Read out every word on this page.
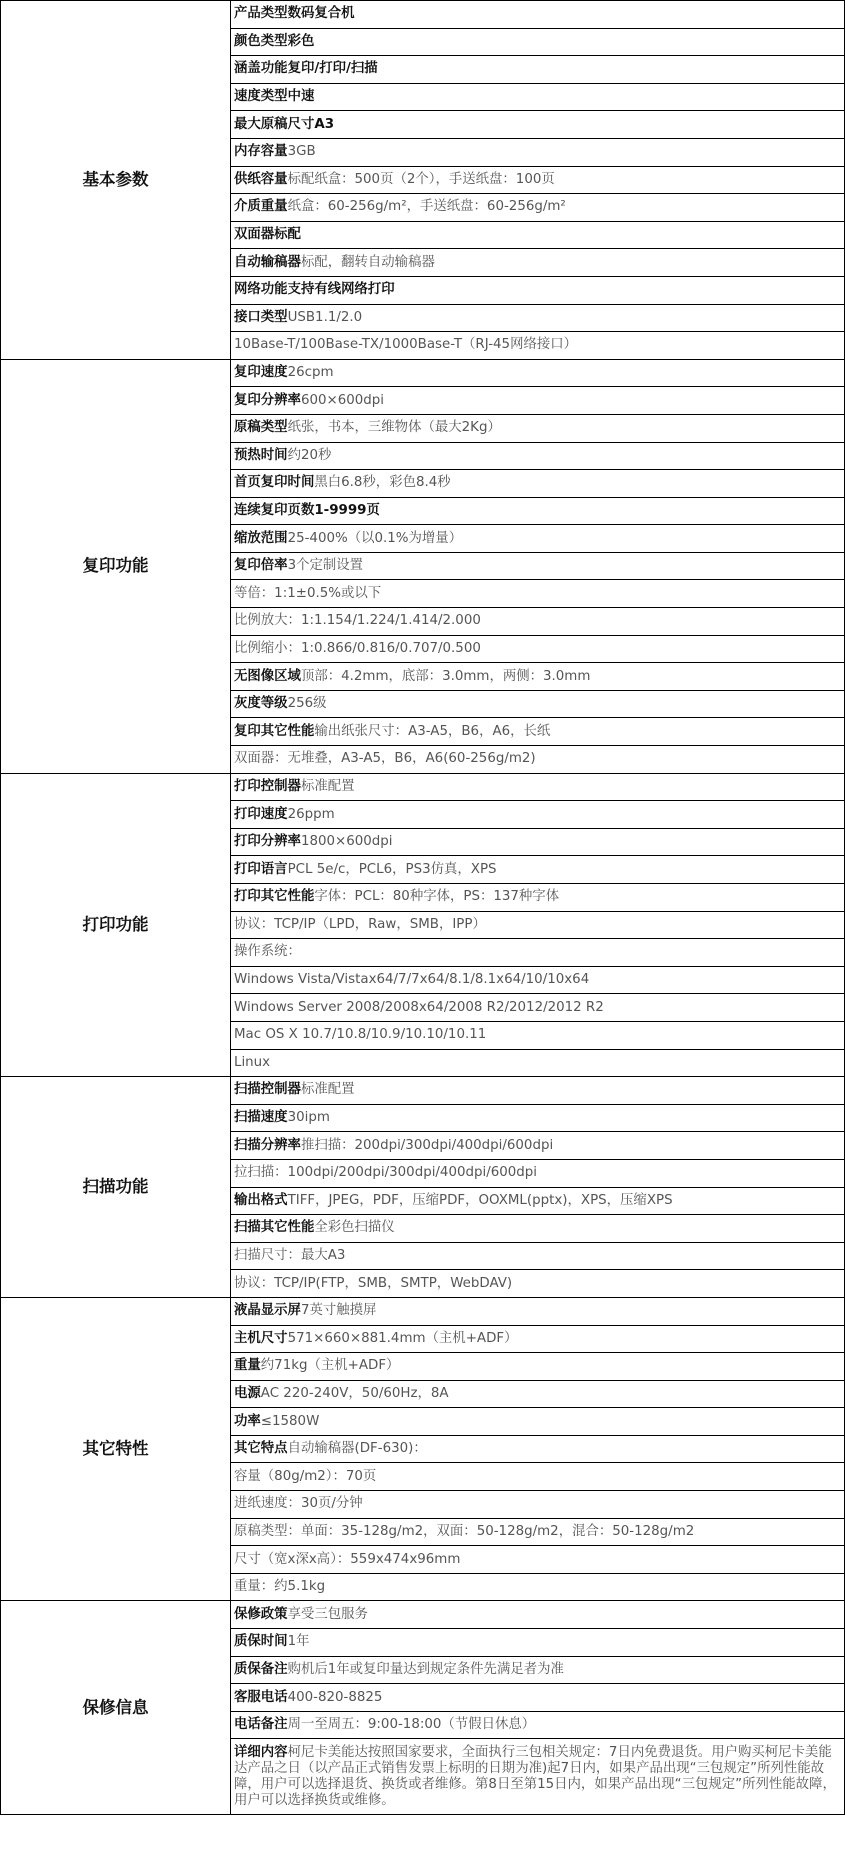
基本参数	产品类型数码复合机
	颜色类型彩色
	涵盖功能复印/打印/扫描
	速度类型中速
	最大原稿尺寸A3
	内存容量3GB
	供纸容量标配纸盒：500页（2个），手送纸盘：100页
	介质重量纸盒：60-256g/m²，手送纸盘：60-256g/m²
	双面器标配
	自动输稿器标配，翻转自动输稿器
	网络功能支持有线网络打印
	接口类型USB1.1/2.0
	10Base-T/100Base-TX/1000Base-T（RJ-45网络接口）
复印功能	复印速度26cpm
	复印分辨率600×600dpi
	原稿类型纸张，书本，三维物体（最大2Kg）
	预热时间约20秒
	首页复印时间黑白6.8秒，彩色8.4秒
	连续复印页数1-9999页
	缩放范围25-400%（以0.1%为增量）
	复印倍率3个定制设置
	等倍：1:1±0.5%或以下
	比例放大：1:1.154/1.224/1.414/2.000
	比例缩小：1:0.866/0.816/0.707/0.500
	无图像区域顶部：4.2mm，底部：3.0mm，两侧：3.0mm
	灰度等级256级
	复印其它性能输出纸张尺寸：A3-A5，B6，A6，长纸
	双面器：无堆叠，A3-A5，B6，A6(60-256g/m2)
打印功能	打印控制器标准配置
	打印速度26ppm
	打印分辨率1800×600dpi
	打印语言PCL 5e/c，PCL6，PS3仿真，XPS
	打印其它性能字体：PCL：80种字体，PS：137种字体
	协议：TCP/IP（LPD，Raw，SMB，IPP）
	操作系统：
	Windows Vista/Vistax64/7/7x64/8.1/8.1x64/10/10x64
	Windows Server 2008/2008x64/2008 R2/2012/2012 R2
	Mac OS X 10.7/10.8/10.9/10.10/10.11
	Linux
扫描功能	扫描控制器标准配置
	扫描速度30ipm
	扫描分辨率推扫描：200dpi/300dpi/400dpi/600dpi
	拉扫描：100dpi/200dpi/300dpi/400dpi/600dpi
	输出格式TIFF，JPEG，PDF，压缩PDF，OOXML(pptx)，XPS，压缩XPS
	扫描其它性能全彩色扫描仪
	扫描尺寸：最大A3
	协议：TCP/IP(FTP，SMB，SMTP，WebDAV)
其它特性	液晶显示屏7英寸触摸屏
	主机尺寸571×660×881.4mm（主机+ADF）
	重量约71kg（主机+ADF）
	电源AC 220-240V，50/60Hz，8A
	功率≤1580W
	其它特点自动输稿器(DF-630)：
	容量（80g/m2）：70页
	进纸速度：30页/分钟
	原稿类型：单面：35-128g/m2，双面：50-128g/m2，混合：50-128g/m2
	尺寸（宽x深x高）：559x474x96mm
	重量：约5.1kg
保修信息	保修政策享受三包服务
	质保时间1年
	质保备注购机后1年或复印量达到规定条件先满足者为准
	客服电话400-820-8825
	电话备注周一至周五：9:00-18:00（节假日休息）
	详细内容柯尼卡美能达按照国家要求，全面执行三包相关规定：7日内免费退货。用户购买柯尼卡美能达产品之日（以产品正式销售发票上标明的日期为准)起7日内，如果产品出现“三包规定”所列性能故障，用户可以选择退货、换货或者维修。第8日至第15日内，如果产品出现“三包规定”所列性能故障，用户可以选择换货或维修。
